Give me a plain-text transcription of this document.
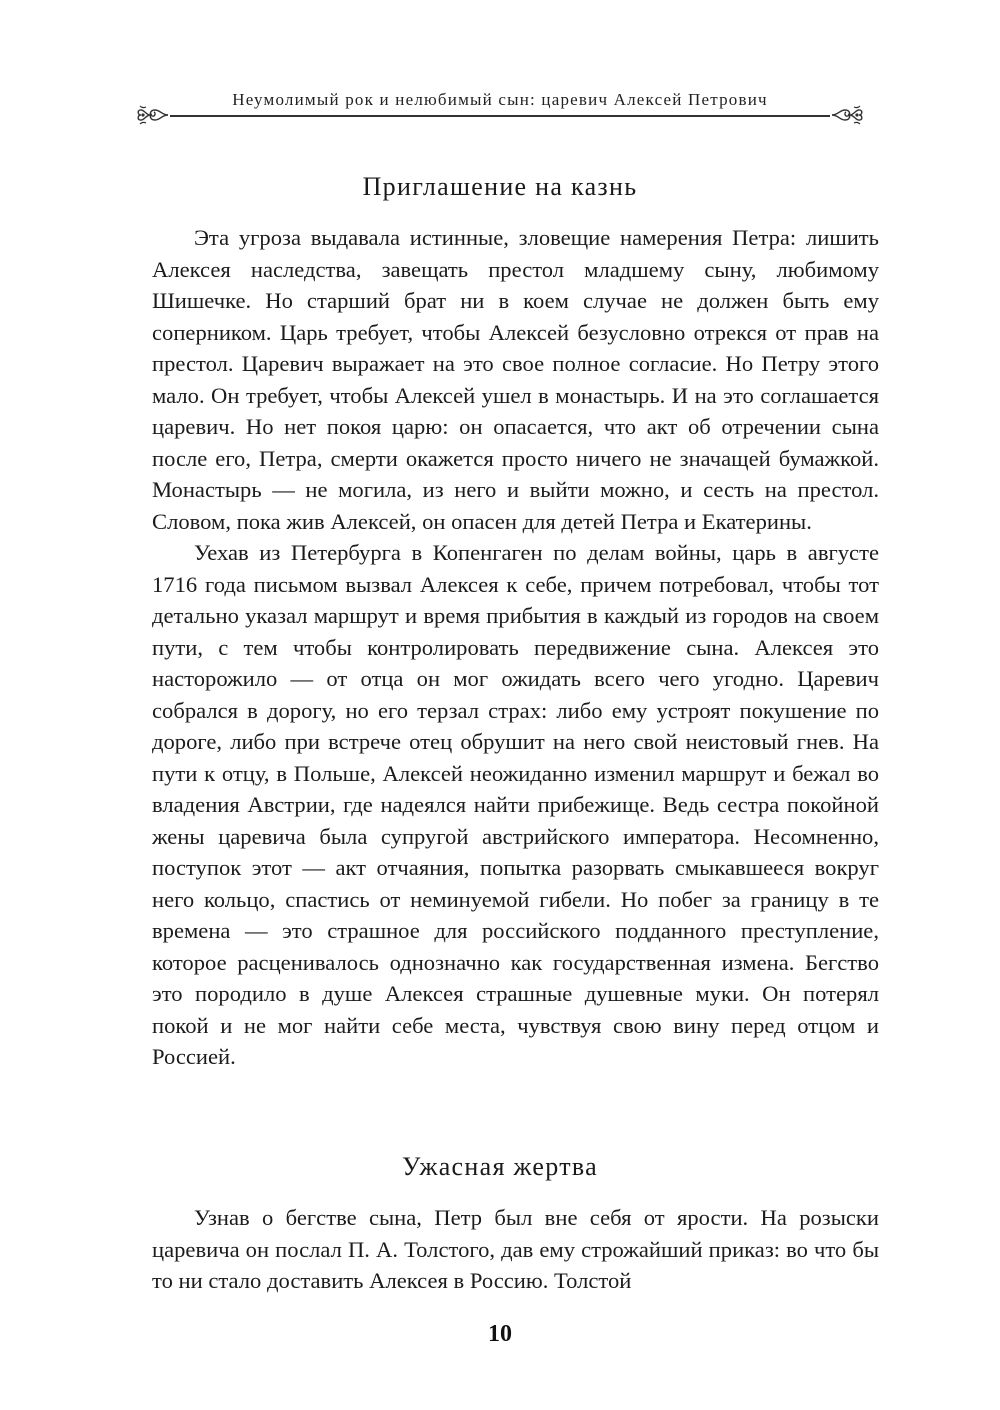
Неумолимый рок и нелюбимый сын: царевич Алексей Петрович
Приглашение на казнь

Эта угроза выдавала истинные, зловещие намерения Петра: лишить Алексея наследства, завещать престол младшему сыну, любимому Шишечке. Но старший брат ни в коем случае не должен быть ему соперником. Царь требует, чтобы Алексей безусловно отрекся от прав на престол. Царевич выражает на это свое полное согласие. Но Петру этого мало. Он требует, чтобы Алексей ушел в монастырь. И на это соглашается царевич. Но нет покоя царю: он опасается, что акт об отречении сына после его, Петра, смерти окажется просто ничего не значащей бумажкой. Монастырь — не могила, из него и выйти можно, и сесть на престол. Словом, пока жив Алексей, он опасен для детей Петра и Екатерины.

Уехав из Петербурга в Копенгаген по делам войны, царь в августе 1716 года письмом вызвал Алексея к себе, причем потребовал, чтобы тот детально указал маршрут и время прибытия в каждый из городов на своем пути, с тем чтобы контролировать передвижение сына. Алексея это насторожило — от отца он мог ожидать всего чего угодно. Царевич собрался в дорогу, но его терзал страх: либо ему устроят покушение по дороге, либо при встрече отец обрушит на него свой неистовый гнев. На пути к отцу, в Польше, Алексей неожиданно изменил маршрут и бежал во владения Австрии, где надеялся найти прибежище. Ведь сестра покойной жены царевича была супругой австрийского императора. Несомненно, поступок этот — акт отчаяния, попытка разорвать смыкавшееся вокруг него кольцо, спастись от неминуемой гибели. Но побег за границу в те времена — это страшное для российского подданного преступление, которое расценивалось однозначно как государственная измена. Бегство это породило в душе Алексея страшные душевные муки. Он потерял покой и не мог найти себе места, чувствуя свою вину перед отцом и Россией.

Ужасная жертва

Узнав о бегстве сына, Петр был вне себя от ярости. На розыски царевича он послал П. А. Толстого, дав ему строжайший приказ: во что бы то ни стало доставить Алексея в Россию. Толстой

10
